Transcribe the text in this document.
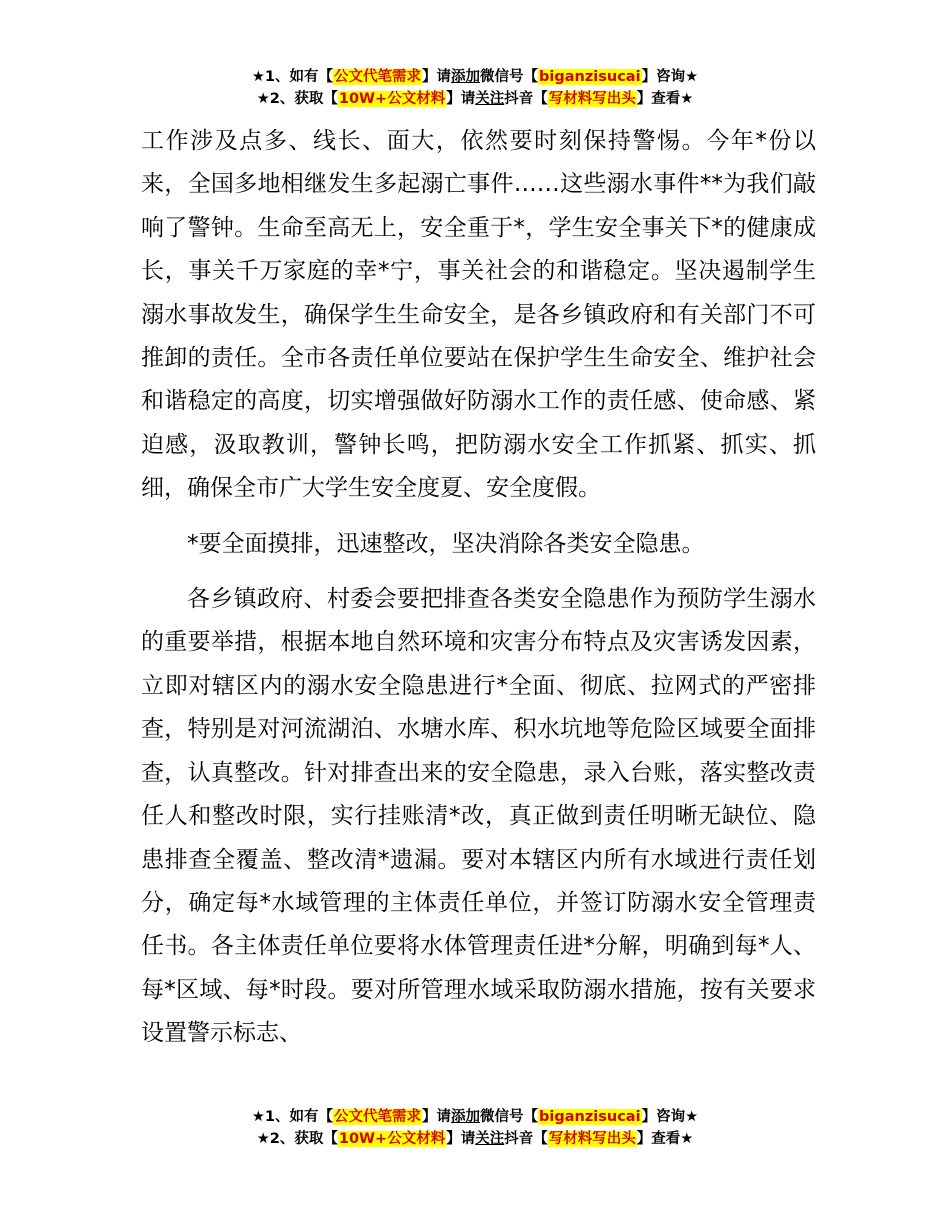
★1、如有【公文代笔需求】请添加微信号【biganzisucai】咨询★
★2、获取【10W+公文材料】请关注抖音【写材料写出头】查看★

工作涉及点多、线长、面大，依然要时刻保持警惕。今年*份以来，全国多地相继发生多起溺亡事件……这些溺水事件**为我们敲响了警钟。生命至高无上，安全重于*，学生安全事关下*的健康成长，事关千万家庭的幸*宁，事关社会的和谐稳定。坚决遏制学生溺水事故发生，确保学生生命安全，是各乡镇政府和有关部门不可推卸的责任。全市各责任单位要站在保护学生生命安全、维护社会和谐稳定的高度，切实增强做好防溺水工作的责任感、使命感、紧迫感，汲取教训，警钟长鸣，把防溺水安全工作抓紧、抓实、抓细，确保全市广大学生安全度夏、安全度假。

*要全面摸排，迅速整改，坚决消除各类安全隐患。

各乡镇政府、村委会要把排查各类安全隐患作为预防学生溺水的重要举措，根据本地自然环境和灾害分布特点及灾害诱发因素，立即对辖区内的溺水安全隐患进行*全面、彻底、拉网式的严密排查，特别是对河流湖泊、水塘水库、积水坑地等危险区域要全面排查，认真整改。针对排查出来的安全隐患，录入台账，落实整改责任人和整改时限，实行挂账清*改，真正做到责任明晰无缺位、隐患排查全覆盖、整改清*遗漏。要对本辖区内所有水域进行责任划分，确定每*水域管理的主体责任单位，并签订防溺水安全管理责任书。各主体责任单位要将水体管理责任进*分解，明确到每*人、每*区域、每*时段。要对所管理水域采取防溺水措施，按有关要求设置警示标志、

★1、如有【公文代笔需求】请添加微信号【biganzisucai】咨询★
★2、获取【10W+公文材料】请关注抖音【写材料写出头】查看★
